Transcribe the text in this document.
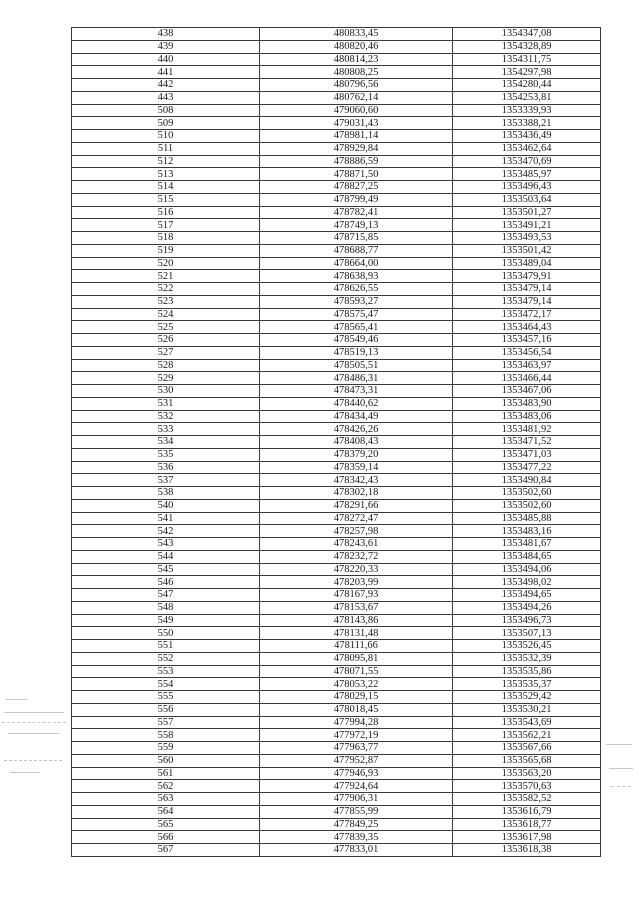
438	480833,45	1354347,08
439	480820,46	1354328,89
440	480814,23	1354311,75
441	480808,25	1354297,98
442	480796,56	1354280,44
443	480762,14	1354253,81
508	479060,60	1353339,93
509	479031,43	1353388,21
510	478981,14	1353436,49
511	478929,84	1353462,64
512	478886,59	1353470,69
513	478871,50	1353485,97
514	478827,25	1353496,43
515	478799,49	1353503,64
516	478782,41	1353501,27
517	478749,13	1353491,21
518	478715,85	1353493,53
519	478688,77	1353501,42
520	478664,00	1353489,04
521	478638,93	1353479,91
522	478626,55	1353479,14
523	478593,27	1353479,14
524	478575,47	1353472,17
525	478565,41	1353464,43
526	478549,46	1353457,16
527	478519,13	1353456,54
528	478505,51	1353463,97
529	478486,31	1353466,44
530	478473,31	1353467,06
531	478440,62	1353483,90
532	478434,49	1353483,06
533	478426,26	1353481,92
534	478408,43	1353471,52
535	478379,20	1353471,03
536	478359,14	1353477,22
537	478342,43	1353490,84
538	478302,18	1353502,60
540	478291,66	1353502,60
541	478272,47	1353485,88
542	478257,98	1353483,16
543	478243,61	1353481,67
544	478232,72	1353484,65
545	478220,33	1353494,06
546	478203,99	1353498,02
547	478167,93	1353494,65
548	478153,67	1353494,26
549	478143,86	1353496,73
550	478131,48	1353507,13
551	478111,66	1353526,45
552	478095,81	1353532,39
553	478071,55	1353535,86
554	478053,22	1353535,37
555	478029,15	1353529,42
556	478018,45	1353530,21
557	477994,28	1353543,69
558	477972,19	1353562,21
559	477963,77	1353567,66
560	477952,87	1353565,68
561	477946,93	1353563,20
562	477924,64	1353570,63
563	477906,31	1353582,52
564	477855,99	1353616,79
565	477849,25	1353618,77
566	477839,35	1353617,98
567	477833,01	1353618,38
